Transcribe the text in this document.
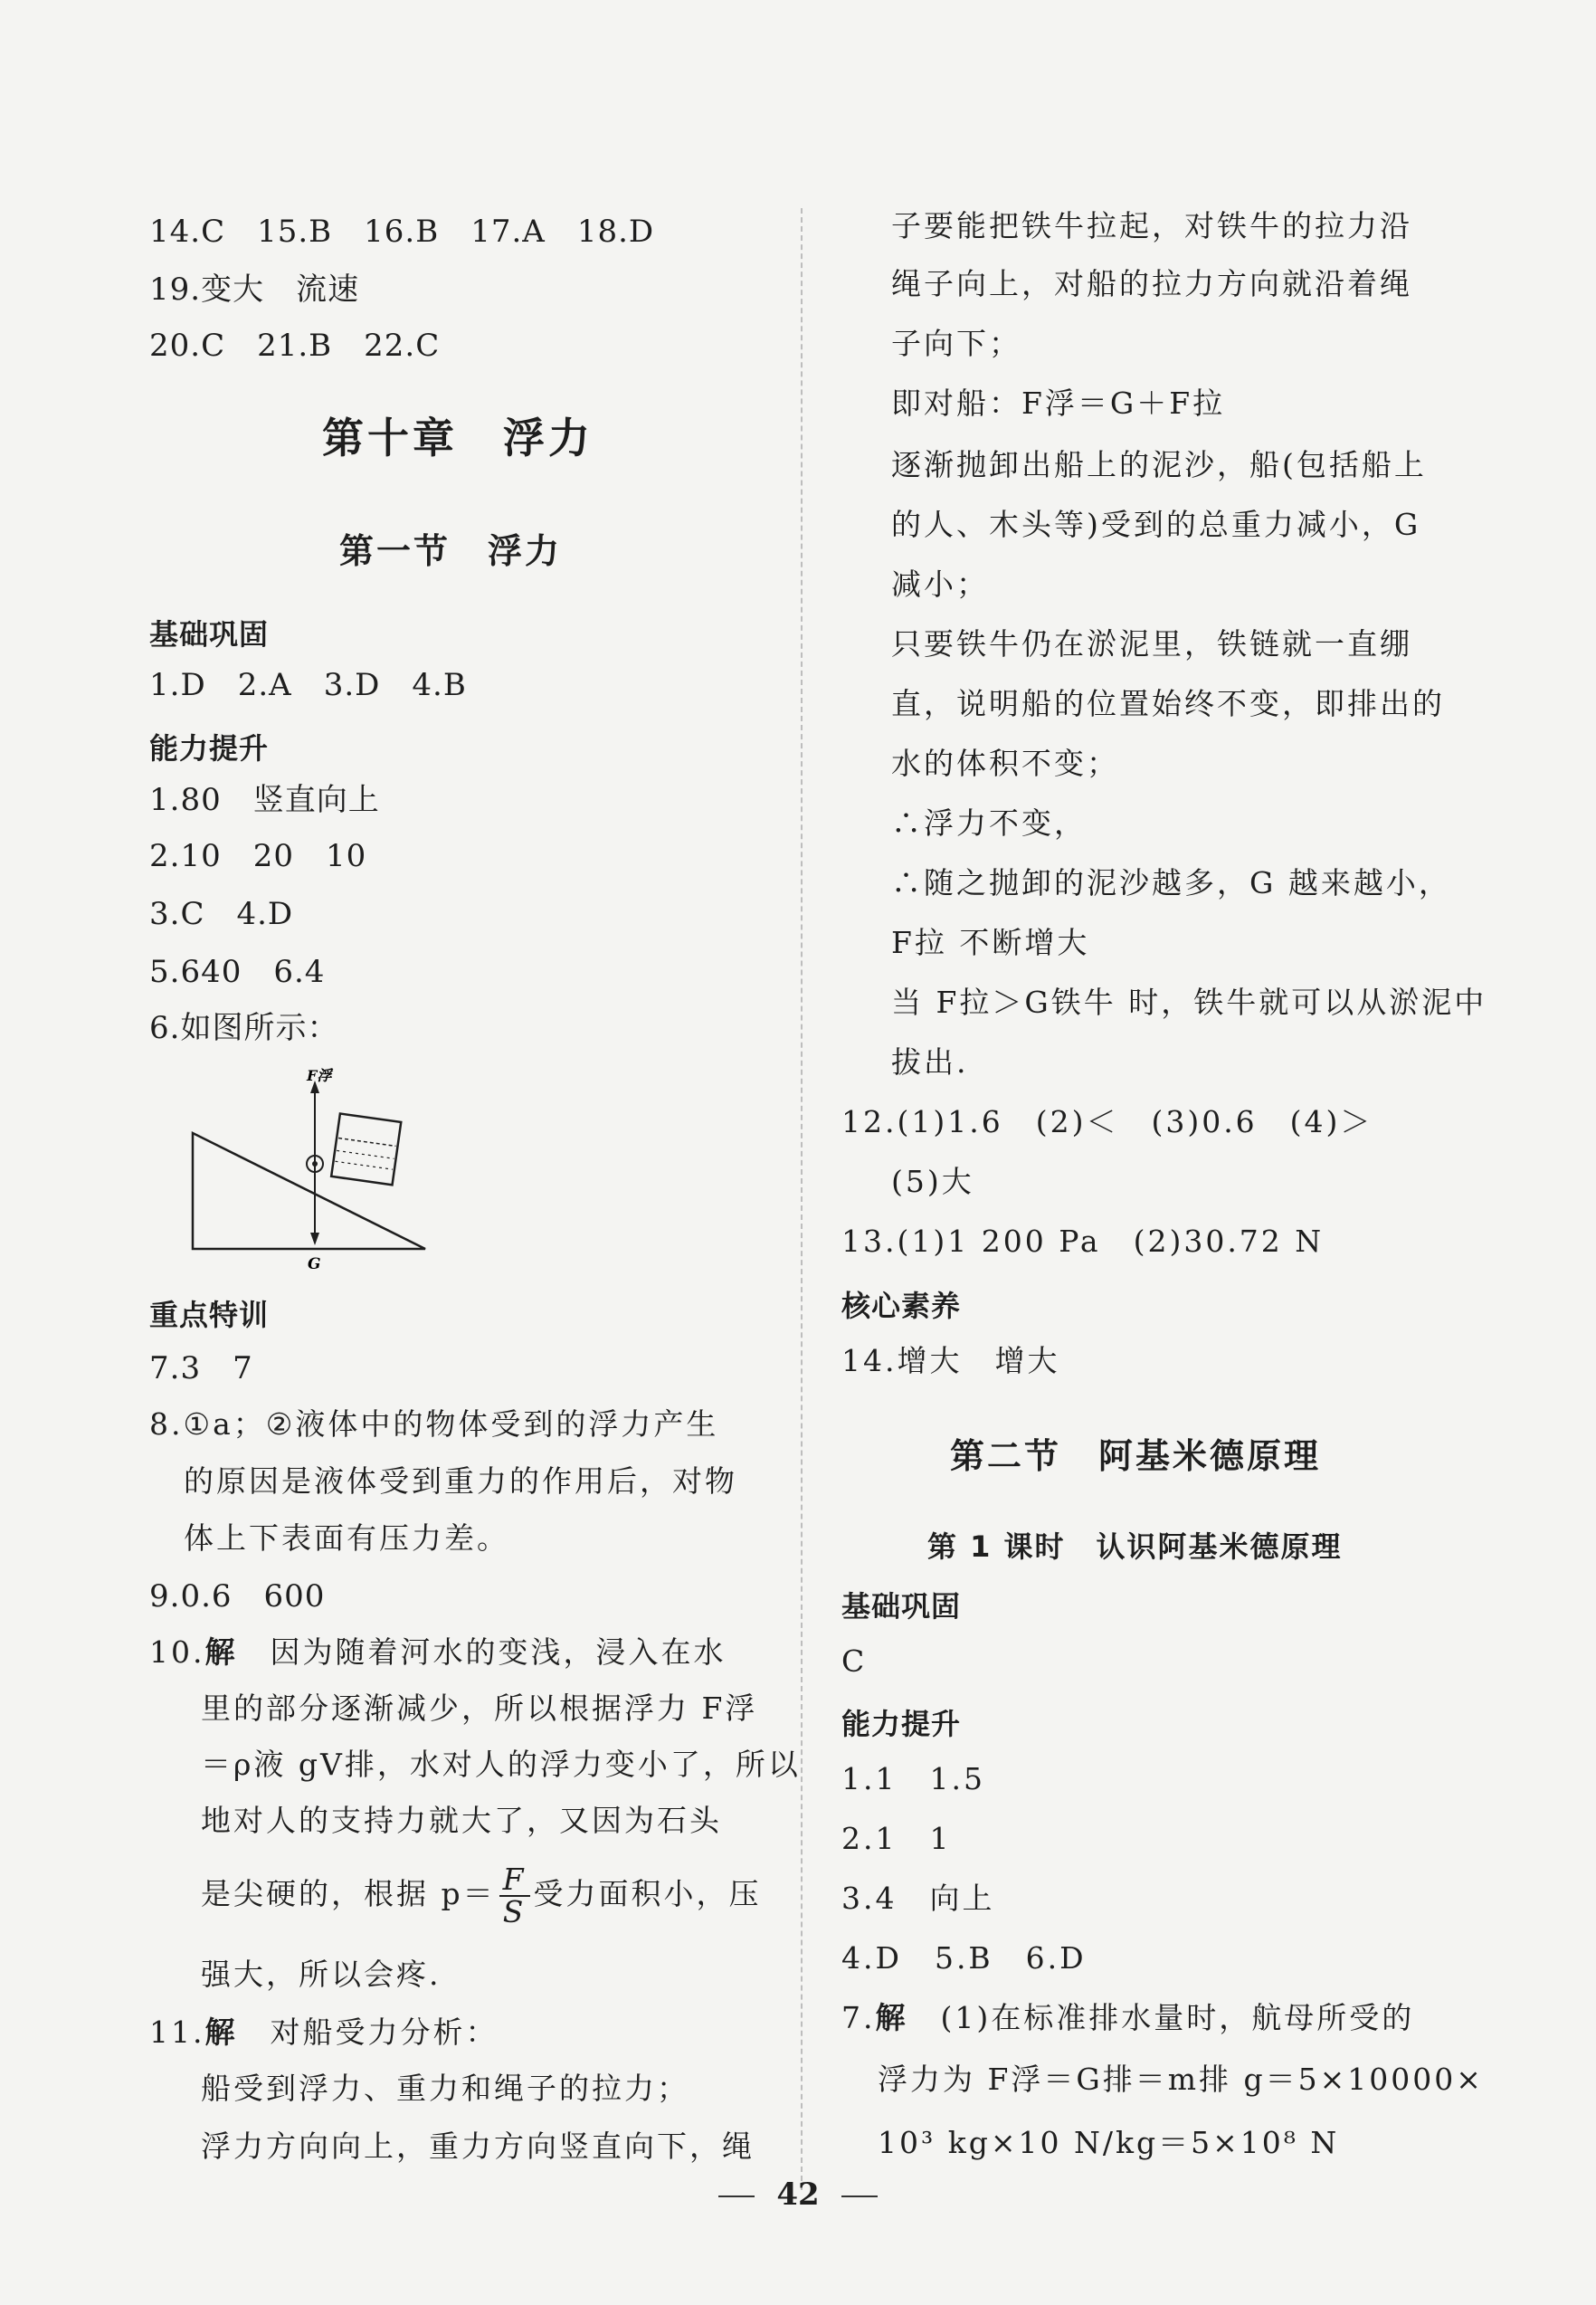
14.C　15.B　16.B　17.A　18.D
19.变大　流速
20.C　21.B　22.C
第十章　浮力
第一节　浮力
基础巩固
1.D　2.A　3.D　4.B
能力提升
1.80　竖直向上
2.10　20　10
3.C　4.D
5.640　6.4
6.如图所示：
F浮
G
重点特训
7.3　7
8.①a；②液体中的物体受到的浮力产生
的原因是液体受到重力的作用后，对物
体上下表面有压力差。
9.0.6　600
10.解　因为随着河水的变浅，浸入在水
里的部分逐渐减少，所以根据浮力 F浮
＝ρ液 gV排，水对人的浮力变小了，所以
地对人的支持力就大了，又因为石头
是尖硬的，根据 $p= \frac{F}{S}$ 受力面积小，压
强大，所以会疼.
11.解　对船受力分析：
船受到浮力、重力和绳子的拉力；
浮力方向向上，重力方向竖直向下，绳
子要能把铁牛拉起，对铁牛的拉力沿
绳子向上，对船的拉力方向就沿着绳
子向下；
即对船：F浮＝G＋F拉
逐渐抛卸出船上的泥沙，船(包括船上
的人、木头等)受到的总重力减小，G
减小；
只要铁牛仍在淤泥里，铁链就一直绷
直，说明船的位置始终不变，即排出的
水的体积不变；
∴浮力不变，
∴随之抛卸的泥沙越多，G 越来越小，
F拉 不断增大
当 F拉＞G铁牛 时，铁牛就可以从淤泥中
拔出.
12.(1)1.6　(2)＜　(3)0.6　(4)＞
(5)大
13.(1)1 200 Pa　(2)30.72 N
核心素养
14.增大　增大
第二节　阿基米德原理
第 1 课时　认识阿基米德原理
基础巩固
C
能力提升
1.1　1.5
2.1　1
3.4　向上
4.D　5.B　6.D
7.解　(1)在标准排水量时，航母所受的
浮力为 F浮＝G排＝m排 g＝5×10000×
10³ kg×10 N/kg＝5×10⁸ N
42
